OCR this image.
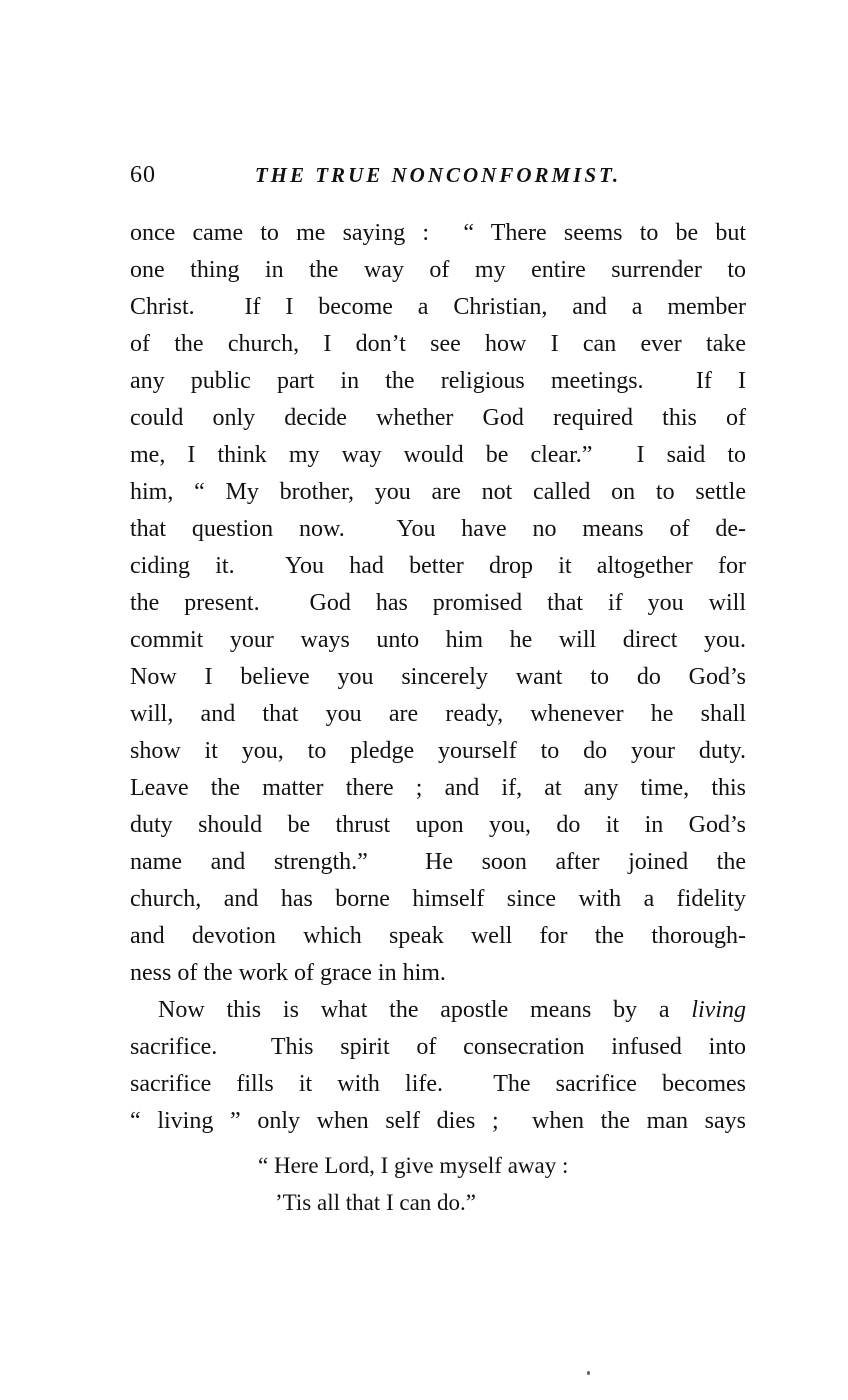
60	THE TRUE NONCONFORMIST.
once came to me saying :  “ There seems to be but
one thing in the way of my entire surrender to
Christ.  If I become a Christian, and a member
of the church, I don’t see how I can ever take
any public part in the religious meetings.  If I
could only decide whether God required this of
me, I think my way would be clear.”  I said to
him, “ My brother, you are not called on to settle
that question now.  You have no means of de-
ciding it.  You had better drop it altogether for
the present.  God has promised that if you will
commit your ways unto him he will direct you.
Now I believe you sincerely want to do God’s
will, and that you are ready, whenever he shall
show it you, to pledge yourself to do your duty.
Leave the matter there ; and if, at any time, this
duty should be thrust upon you, do it in God’s
name and strength.”  He soon after joined the
church, and has borne himself since with a fidelity
and devotion which speak well for the thorough-
ness of the work of grace in him.
Now this is what the apostle means by a living
sacrifice.  This spirit of consecration infused into
sacrifice fills it with life.  The sacrifice becomes
“ living ” only when self dies ;  when the man says
“ Here Lord, I give myself away :
’Tis all that I can do.”
